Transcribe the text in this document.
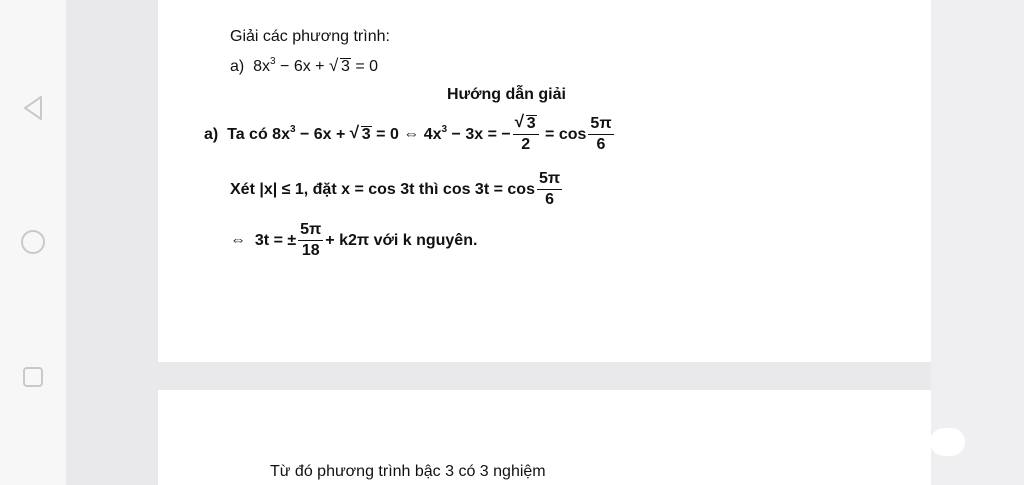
Giải các phương trình:
a) $8x^3 - 6x$ + √ 3 = 0
Hướng dẫn giải
a) Ta có $8x^3 - 6x$ + √ 3 = 0 ⇔ $4x^3 - 3x$ = − $\frac{√ 3}{2} = \cos \frac{5\pi}{6}$
Xét |x| ≤ 1, đặt x = cos 3t thì $\cos 3t = \cos \frac{5\pi}{6}$
⇔ 3t = ± $\frac{5\pi}{18} + k2\pi$ với k nguyên.
Từ đó phương trình bậc 3 có 3 nghiệm
